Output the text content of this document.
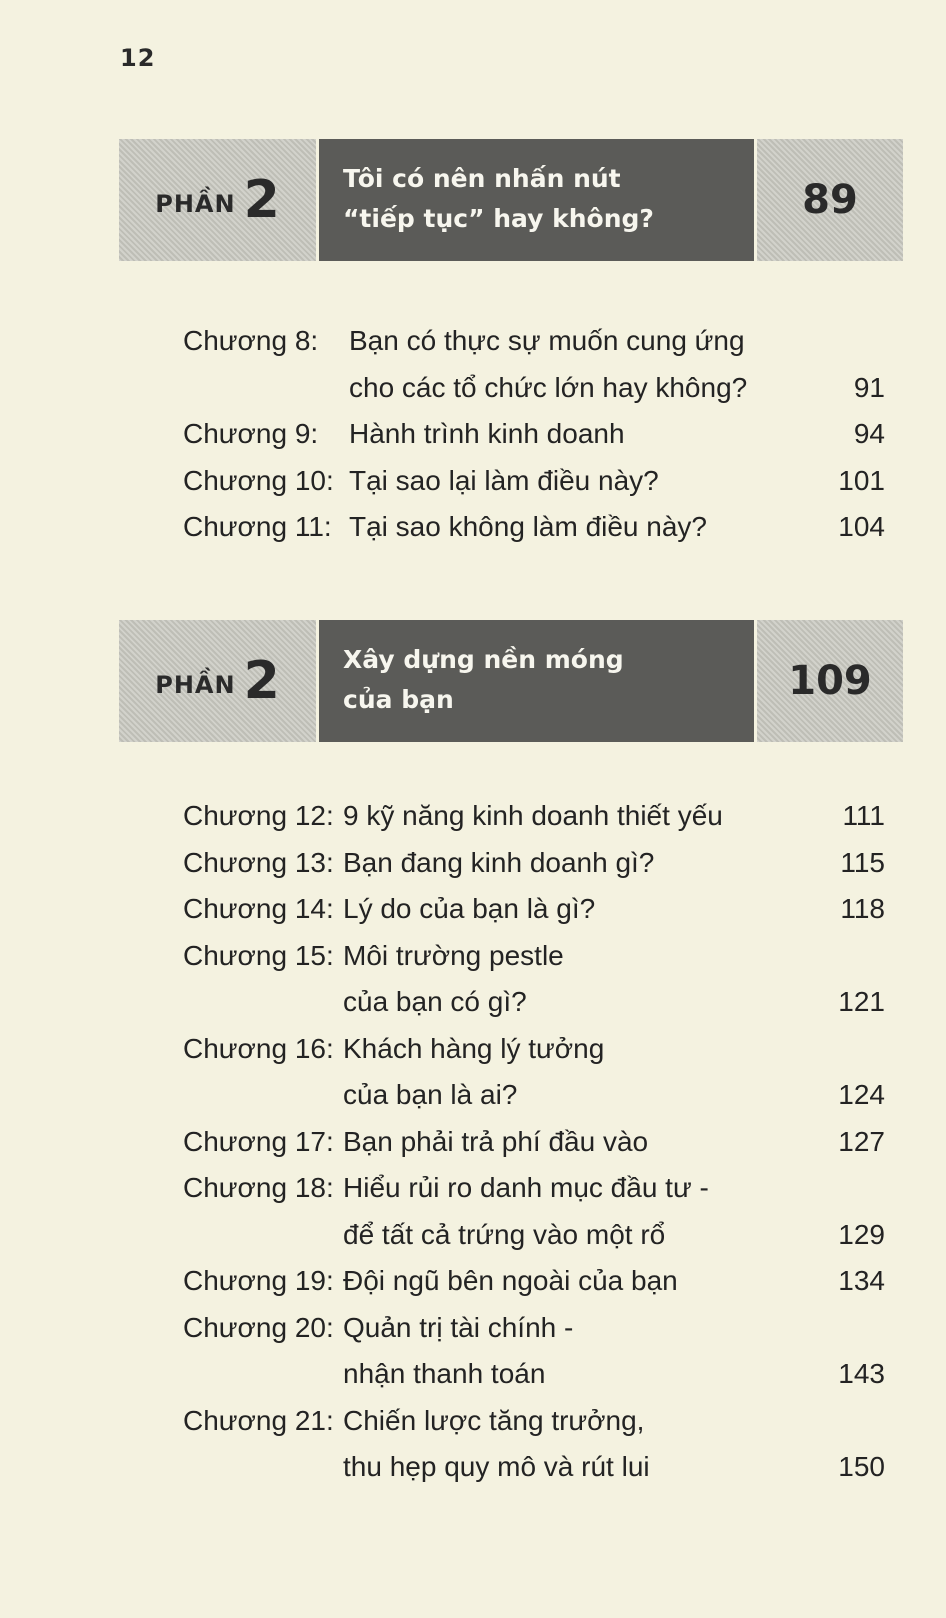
12
PHẦN 2	Tôi có nên nhấn nút
“tiếp tục” hay không?	89
Chương 8: Bạn có thực sự muốn cung ứng
cho các tổ chức lớn hay không?	91
Chương 9: Hành trình kinh doanh	94
Chương 10: Tại sao lại làm điều này?	101
Chương 11: Tại sao không làm điều này?	104
PHẦN 2	Xây dựng nền móng
của bạn	109
Chương 12: 9 kỹ năng kinh doanh thiết yếu	111
Chương 13: Bạn đang kinh doanh gì?	115
Chương 14: Lý do của bạn là gì?	118
Chương 15: Môi trường pestle
của bạn có gì?	121
Chương 16: Khách hàng lý tưởng
của bạn là ai?	124
Chương 17: Bạn phải trả phí đầu vào	127
Chương 18: Hiểu rủi ro danh mục đầu tư -
để tất cả trứng vào một rổ	129
Chương 19: Đội ngũ bên ngoài của bạn	134
Chương 20: Quản trị tài chính -
nhận thanh toán	143
Chương 21: Chiến lược tăng trưởng,
thu hẹp quy mô và rút lui	150
